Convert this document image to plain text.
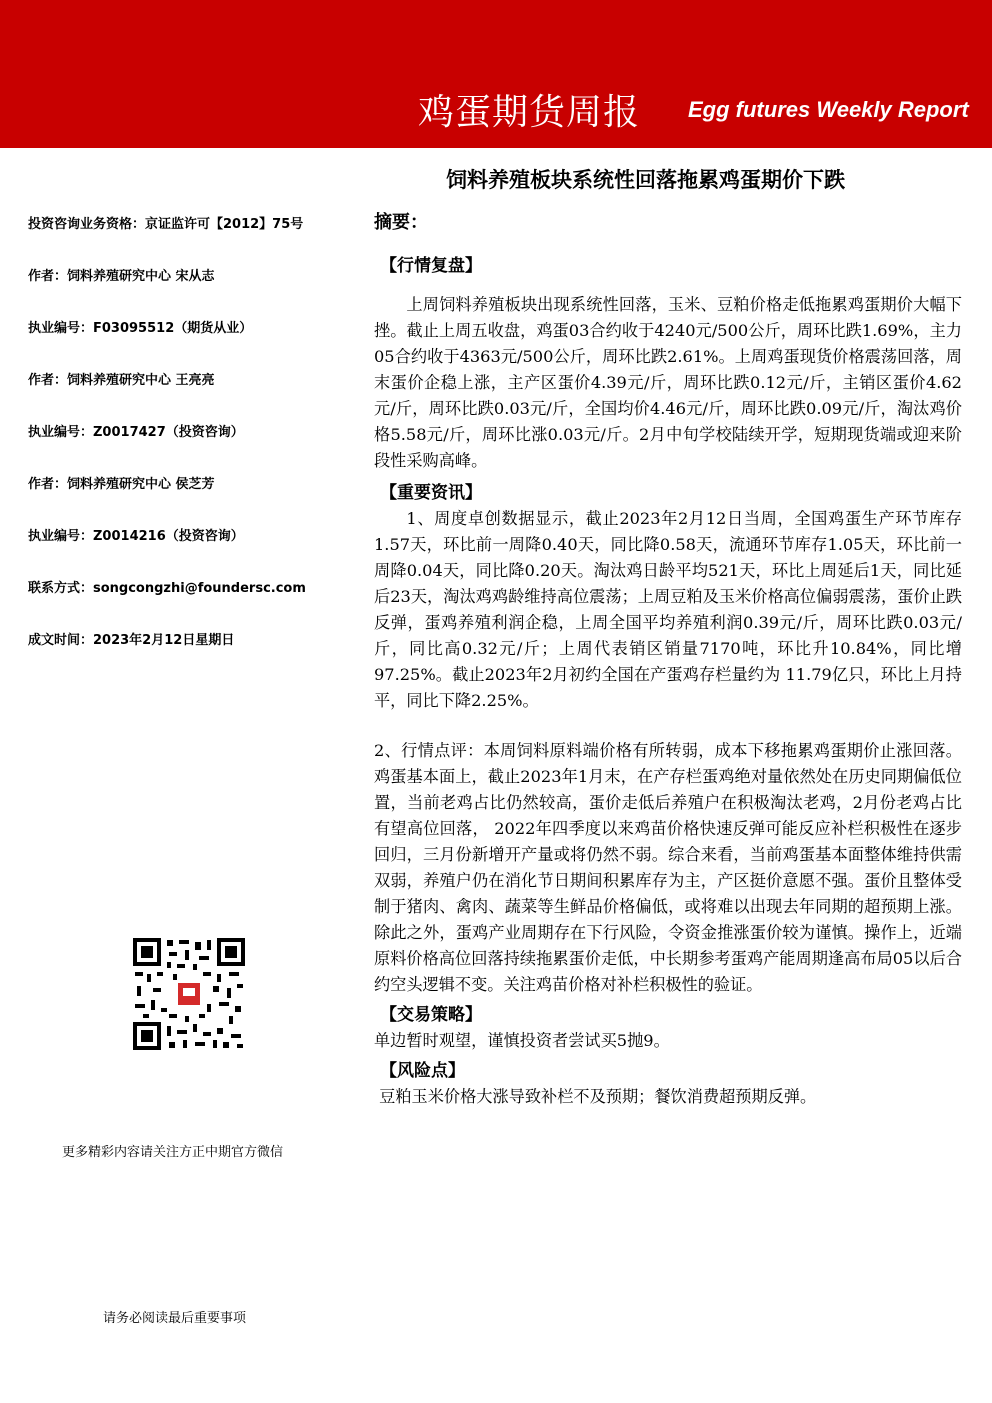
鸡蛋期货周报 Egg futures Weekly Report
饲料养殖板块系统性回落拖累鸡蛋期价下跌
投资咨询业务资格：京证监许可【2012】75号
作者：饲料养殖研究中心 宋从志
执业编号：F03095512（期货从业）
作者：饲料养殖研究中心 王亮亮
执业编号：Z0017427（投资咨询）
作者：饲料养殖研究中心 侯芝芳
执业编号：Z0014216（投资咨询）
联系方式：songcongzhi@foundersc.com
成文时间：2023年2月12日星期日
更多精彩内容请关注方正中期官方微信
请务必阅读最后重要事项

摘要：

【行情复盘】

上周饲料养殖板块出现系统性回落，玉米、豆粕价格走低拖累鸡蛋期价大幅下挫。截止上周五收盘，鸡蛋03合约收于4240元/500公斤，周环比跌1.69%，主力05合约收于4363元/500公斤，周环比跌2.61%。上周鸡蛋现货价格震荡回落，周末蛋价企稳上涨，主产区蛋价4.39元/斤，周环比跌0.12元/斤，主销区蛋价4.62元/斤，周环比跌0.03元/斤，全国均价4.46元/斤，周环比跌0.09元/斤，淘汰鸡价格5.58元/斤，周环比涨0.03元/斤。2月中旬学校陆续开学，短期现货端或迎来阶段性采购高峰。

【重要资讯】

1、周度卓创数据显示，截止2023年2月12日当周，全国鸡蛋生产环节库存1.57天，环比前一周降0.40天，同比降0.58天，流通环节库存1.05天，环比前一周降0.04天，同比降0.20天。淘汰鸡日龄平均521天，环比上周延后1天，同比延后23天，淘汰鸡鸡龄维持高位震荡；上周豆粕及玉米价格高位偏弱震荡，蛋价止跌反弹，蛋鸡养殖利润企稳，上周全国平均养殖利润0.39元/斤，周环比跌0.03元/斤，同比高0.32元/斤；上周代表销区销量7170吨，环比升10.84%，同比增97.25%。截止2023年2月初约全国在产蛋鸡存栏量约为 11.79亿只，环比上月持平，同比下降2.25%。

2、行情点评：本周饲料原料端价格有所转弱，成本下移拖累鸡蛋期价止涨回落。鸡蛋基本面上，截止2023年1月末，在产存栏蛋鸡绝对量依然处在历史同期偏低位置，当前老鸡占比仍然较高，蛋价走低后养殖户在积极淘汰老鸡，2月份老鸡占比有望高位回落， 2022年四季度以来鸡苗价格快速反弹可能反应补栏积极性在逐步回归，三月份新增开产量或将仍然不弱。综合来看，当前鸡蛋基本面整体维持供需双弱，养殖户仍在消化节日期间积累库存为主，产区挺价意愿不强。蛋价且整体受制于猪肉、禽肉、蔬菜等生鲜品价格偏低，或将难以出现去年同期的超预期上涨。除此之外，蛋鸡产业周期存在下行风险，令资金推涨蛋价较为谨慎。操作上，近端原料价格高位回落持续拖累蛋价走低，中长期参考蛋鸡产能周期逢高布局05以后合约空头逻辑不变。关注鸡苗价格对补栏积极性的验证。

【交易策略】

单边暂时观望，谨慎投资者尝试买5抛9。

【风险点】

豆粕玉米价格大涨导致补栏不及预期；餐饮消费超预期反弹。
